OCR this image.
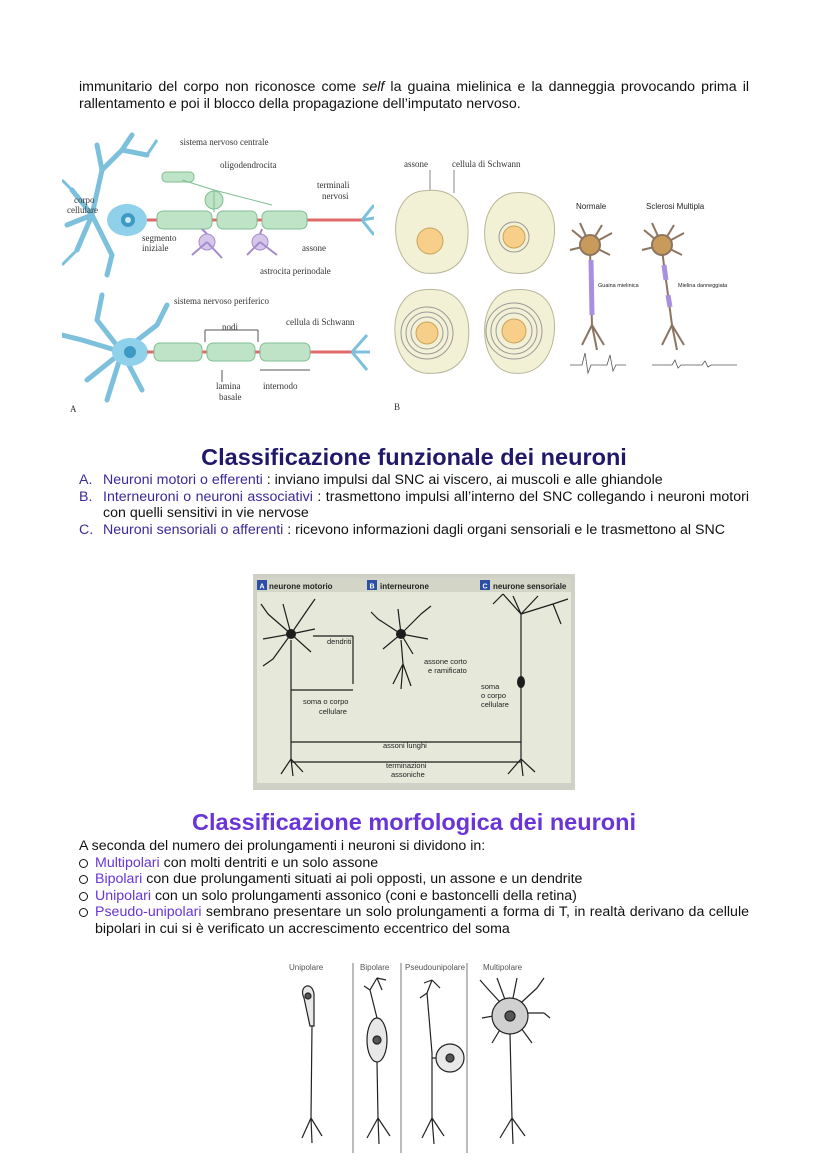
immunitario del corpo non riconosce come self la guaina mielinica e la danneggia provocando prima il rallentamento e poi il blocco della propagazione dell’imputato nervoso.
sistema nervoso centrale
oligodendrocita
terminali
nervosi
corpo
cellulare
segmento
iniziale	assone
astrocita perinodale
sistema nervoso periferico
nodi	cellula di Schwann
lamina
basale
internodo
A
assone	cellula di Schwann
B
Normale	Sclerosi Multipla
Guaina mielinica	Mielina danneggiata
Classificazione funzionale dei neuroni
A. Neuroni motori o efferenti : inviano impulsi dal SNC ai viscero, ai muscoli e alle ghiandole
B. Interneuroni o neuroni associativi : trasmettono impulsi all’interno del SNC collegando i neuroni motori con quelli sensitivi in vie nervose
C. Neuroni sensoriali o afferenti : ricevono informazioni dagli organi sensoriali e le trasmettono al SNC
A neurone motorio	B interneurone	C neurone sensoriale
dendriti
assone corto
e ramificato
soma o corpo
cellulare
soma
o corpo
cellulare
assoni lunghi
terminazioni
assoniche
Classificazione morfologica dei neuroni
A seconda del numero dei prolungamenti i neuroni si dividono in:
Multipolari con molti dentriti e un solo assone
Bipolari con due prolungamenti situati ai poli opposti, un assone e un dendrite
Unipolari con un solo prolungamenti assonico (coni e bastoncelli della retina)
Pseudo-unipolari sembrano presentare un solo prolungamenti a forma di T, in realtà derivano da cellule bipolari in cui si è verificato un accrescimento eccentrico del soma
Unipolare	Bipolare Pseudounipolare Multipolare
